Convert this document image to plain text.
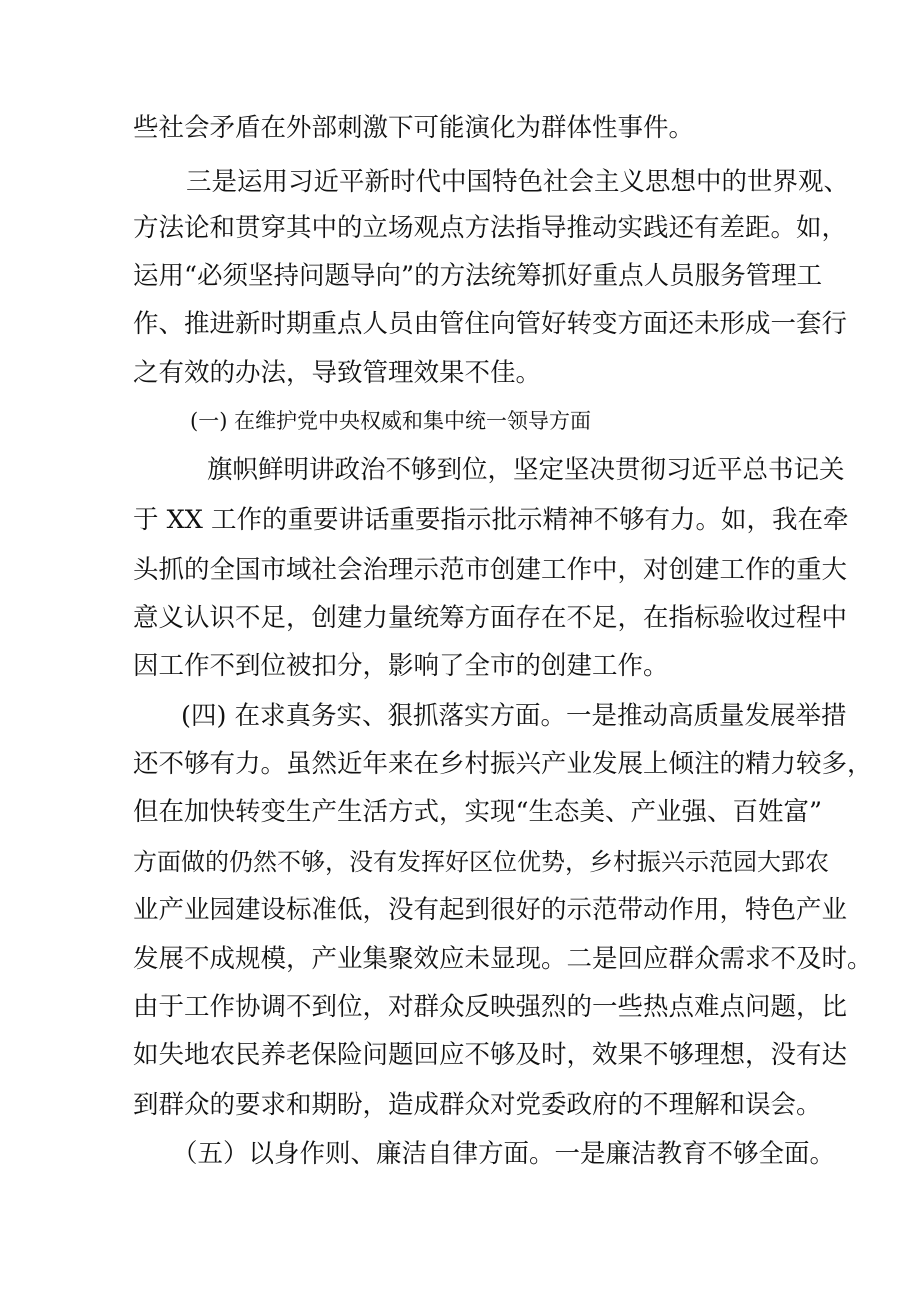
些社会矛盾在外部刺激下可能演化为群体性事件。
三是运用习近平新时代中国特色社会主义思想中的世界观、
方法论和贯穿其中的立场观点方法指导推动实践还有差距。如，
运用“必须坚持问题导向”的方法统筹抓好重点人员服务管理工
作、推进新时期重点人员由管住向管好转变方面还未形成一套行
之有效的办法，导致管理效果不佳。
(一) 在维护党中央权威和集中统一领导方面
旗帜鲜明讲政治不够到位，坚定坚决贯彻习近平总书记关
于 XX 工作的重要讲话重要指示批示精神不够有力。如，我在牵
头抓的全国市域社会治理示范市创建工作中，对创建工作的重大
意义认识不足，创建力量统筹方面存在不足，在指标验收过程中
因工作不到位被扣分，影响了全市的创建工作。
(四) 在求真务实、狠抓落实方面。一是推动高质量发展举措
还不够有力。虽然近年来在乡村振兴产业发展上倾注的精力较多，
但在加快转变生产生活方式，实现“生态美、产业强、百姓富”
方面做的仍然不够，没有发挥好区位优势，乡村振兴示范园大郢农
业产业园建设标准低，没有起到很好的示范带动作用，特色产业
发展不成规模，产业集聚效应未显现。二是回应群众需求不及时。
由于工作协调不到位，对群众反映强烈的一些热点难点问题，比
如失地农民养老保险问题回应不够及时，效果不够理想，没有达
到群众的要求和期盼，造成群众对党委政府的不理解和误会。
（五）以身作则、廉洁自律方面。一是廉洁教育不够全面。
